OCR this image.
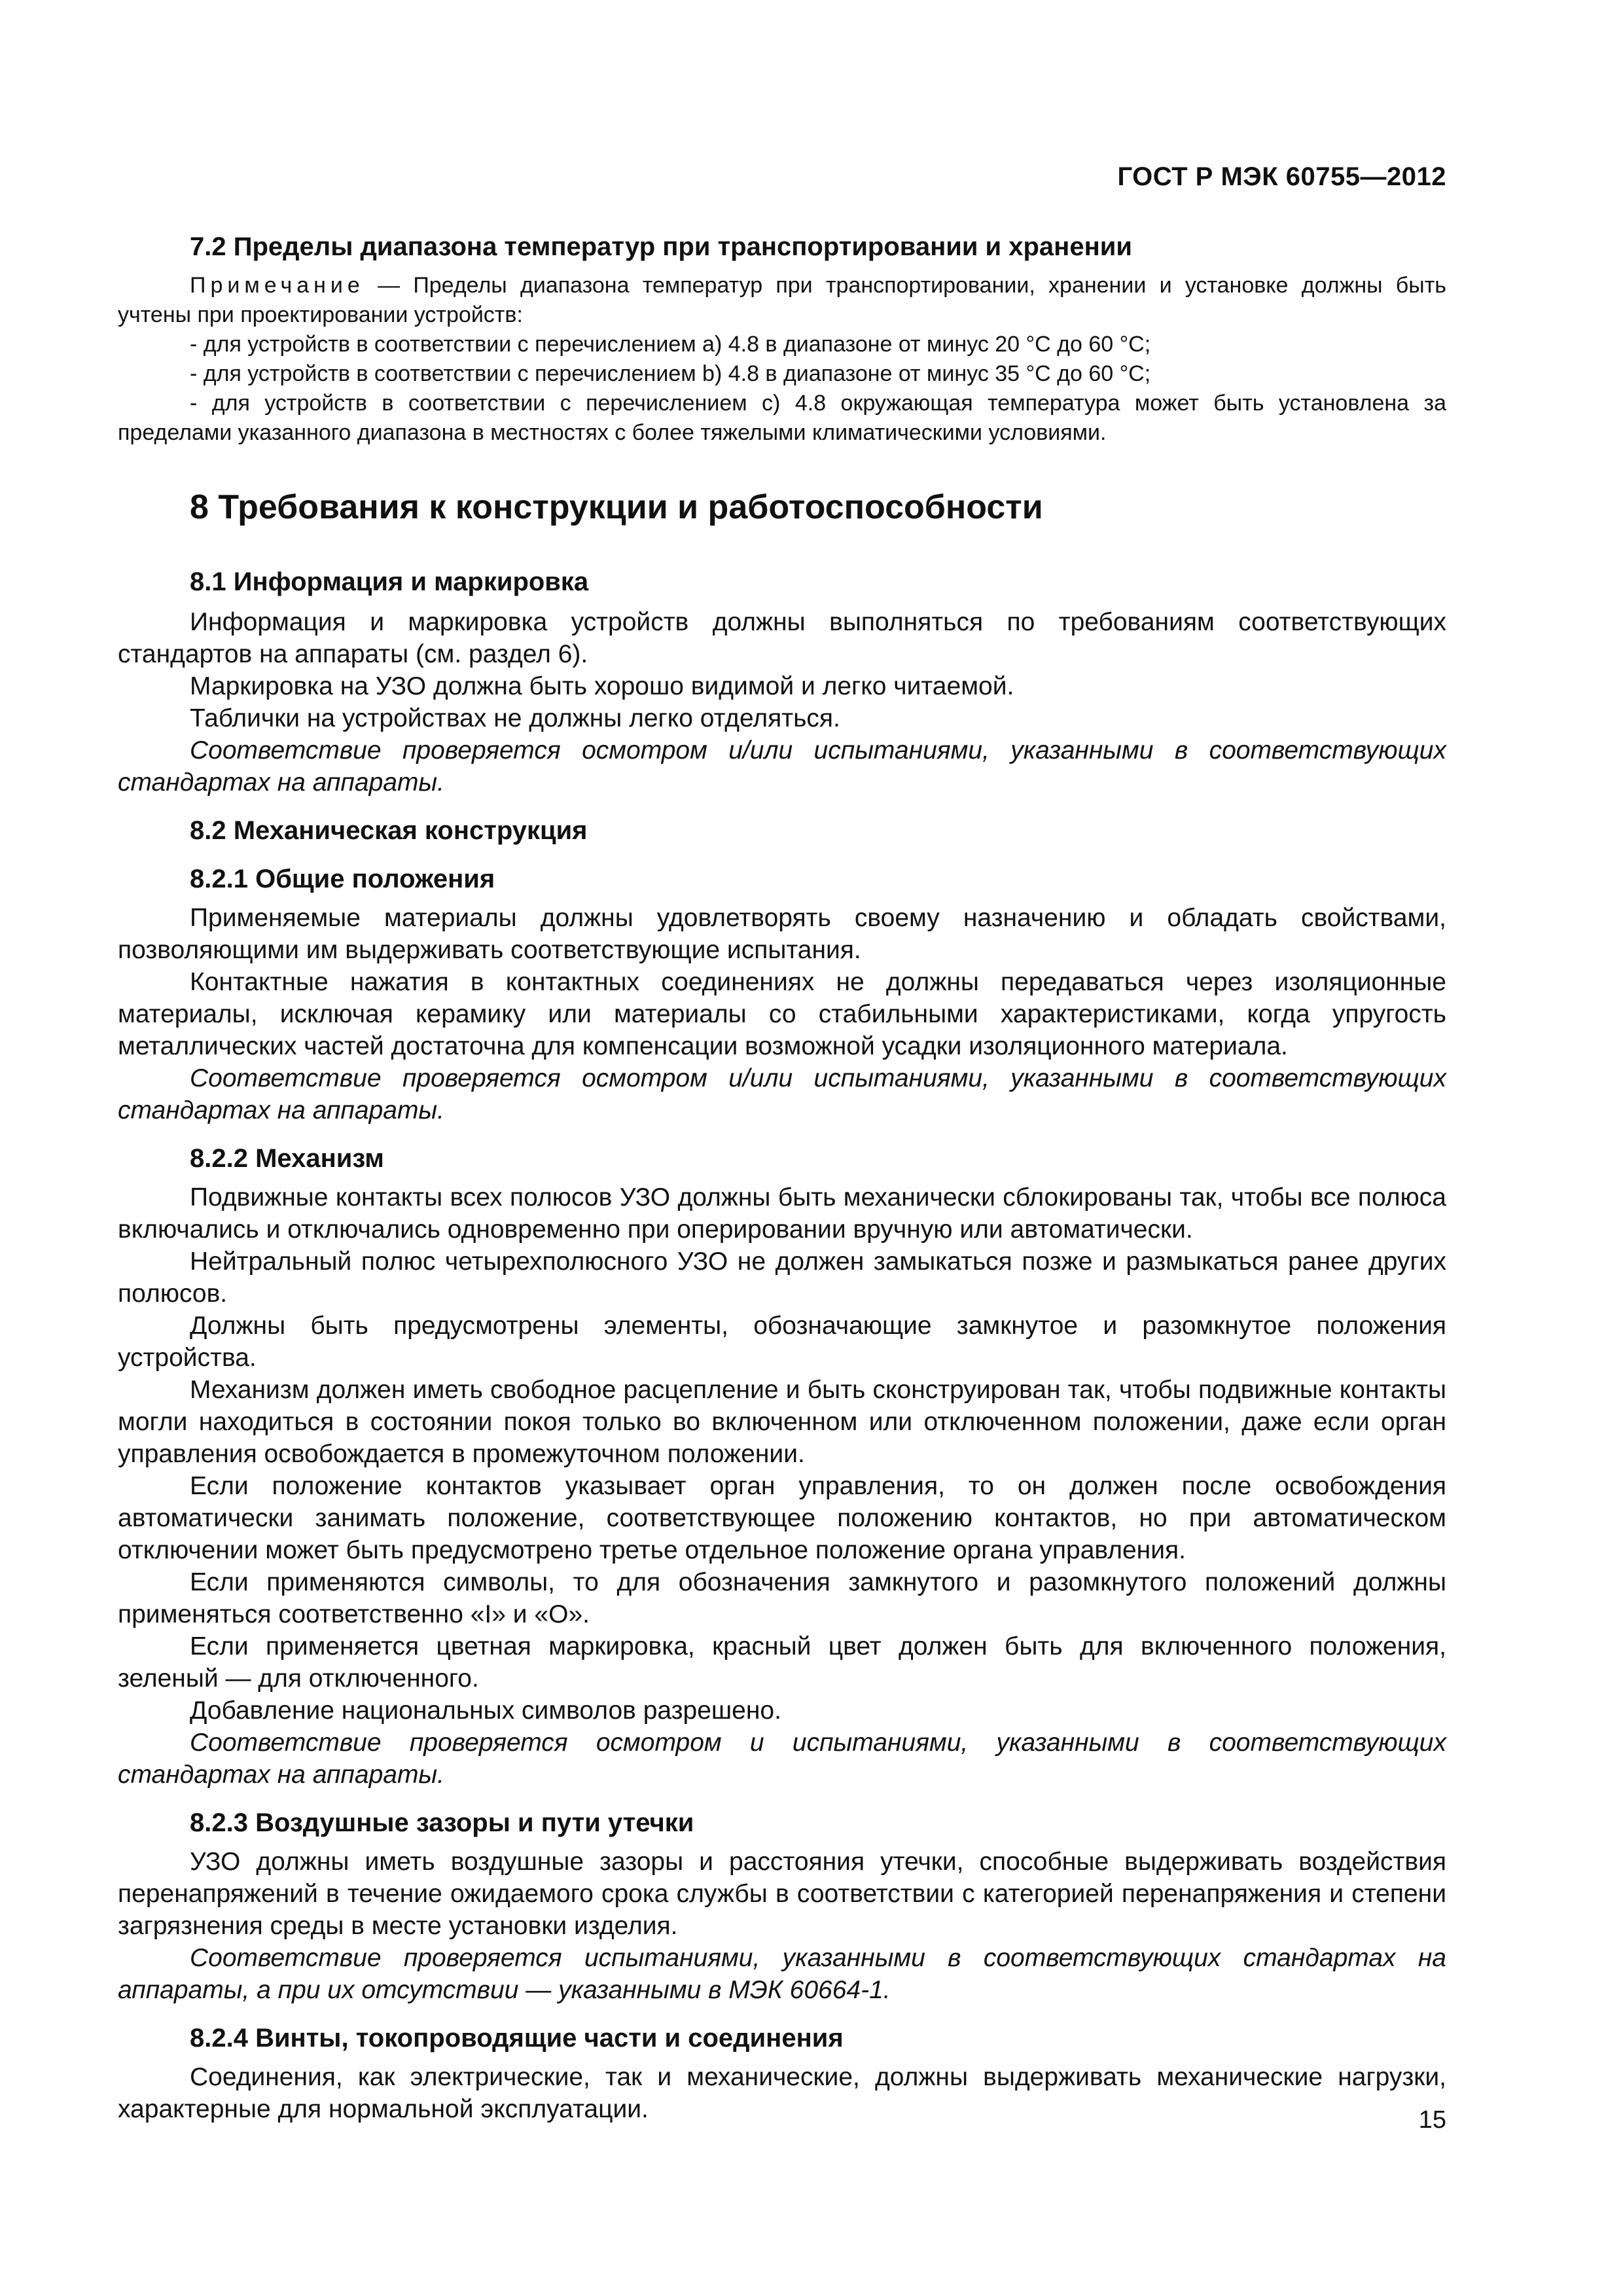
ГОСТ Р МЭК 60755—2012
7.2 Пределы диапазона температур при транспортировании и хранении

Примечание — Пределы диапазона температур при транспортировании, хранении и установке должны быть учтены при проектировании устройств:

- для устройств в соответствии с перечислением а) 4.8 в диапазоне от минус 20 °С до 60 °С;

- для устройств в соответствии с перечислением b) 4.8 в диапазоне от минус 35 °С до 60 °С;

- для устройств в соответствии с перечислением с) 4.8 окружающая температура может быть установлена за пределами указанного диапазона в местностях с более тяжелыми климатическими условиями.

8 Требования к конструкции и работоспособности
8.1 Информация и маркировка

Информация и маркировка устройств должны выполняться по требованиям соответствующих стандартов на аппараты (см. раздел 6).

Маркировка на УЗО должна быть хорошо видимой и легко читаемой.

Таблички на устройствах не должны легко отделяться.

Соответствие проверяется осмотром и/или испытаниями, указанными в соответствующих стандартах на аппараты.

8.2 Механическая конструкция
8.2.1 Общие положения

Применяемые материалы должны удовлетворять своему назначению и обладать свойствами, позволяющими им выдерживать соответствующие испытания.

Контактные нажатия в контактных соединениях не должны передаваться через изоляционные материалы, исключая керамику или материалы со стабильными характеристиками, когда упругость металлических частей достаточна для компенсации возможной усадки изоляционного материала.

Соответствие проверяется осмотром и/или испытаниями, указанными в соответствующих стандартах на аппараты.

8.2.2 Механизм

Подвижные контакты всех полюсов УЗО должны быть механически сблокированы так, чтобы все полюса включались и отключались одновременно при оперировании вручную или автоматически.

Нейтральный полюс четырехполюсного УЗО не должен замыкаться позже и размыкаться ранее других полюсов.

Должны быть предусмотрены элементы, обозначающие замкнутое и разомкнутое положения устройства.

Механизм должен иметь свободное расцепление и быть сконструирован так, чтобы подвижные контакты могли находиться в состоянии покоя только во включенном или отключенном положении, даже если орган управления освобождается в промежуточном положении.

Если положение контактов указывает орган управления, то он должен после освобождения автоматически занимать положение, соответствующее положению контактов, но при автоматическом отключении может быть предусмотрено третье отдельное положение органа управления.

Если применяются символы, то для обозначения замкнутого и разомкнутого положений должны применяться соответственно «I» и «О».

Если применяется цветная маркировка, красный цвет должен быть для включенного положения, зеленый — для отключенного.

Добавление национальных символов разрешено.

Соответствие проверяется осмотром и испытаниями, указанными в соответствующих стандартах на аппараты.

8.2.3 Воздушные зазоры и пути утечки

УЗО должны иметь воздушные зазоры и расстояния утечки, способные выдерживать воздействия перенапряжений в течение ожидаемого срока службы в соответствии с категорией перенапряжения и степени загрязнения среды в месте установки изделия.

Соответствие проверяется испытаниями, указанными в соответствующих стандартах на аппараты, а при их отсутствии — указанными в МЭК 60664-1.

8.2.4 Винты, токопроводящие части и соединения

Соединения, как электрические, так и механические, должны выдерживать механические нагрузки, характерные для нормальной эксплуатации.	15
